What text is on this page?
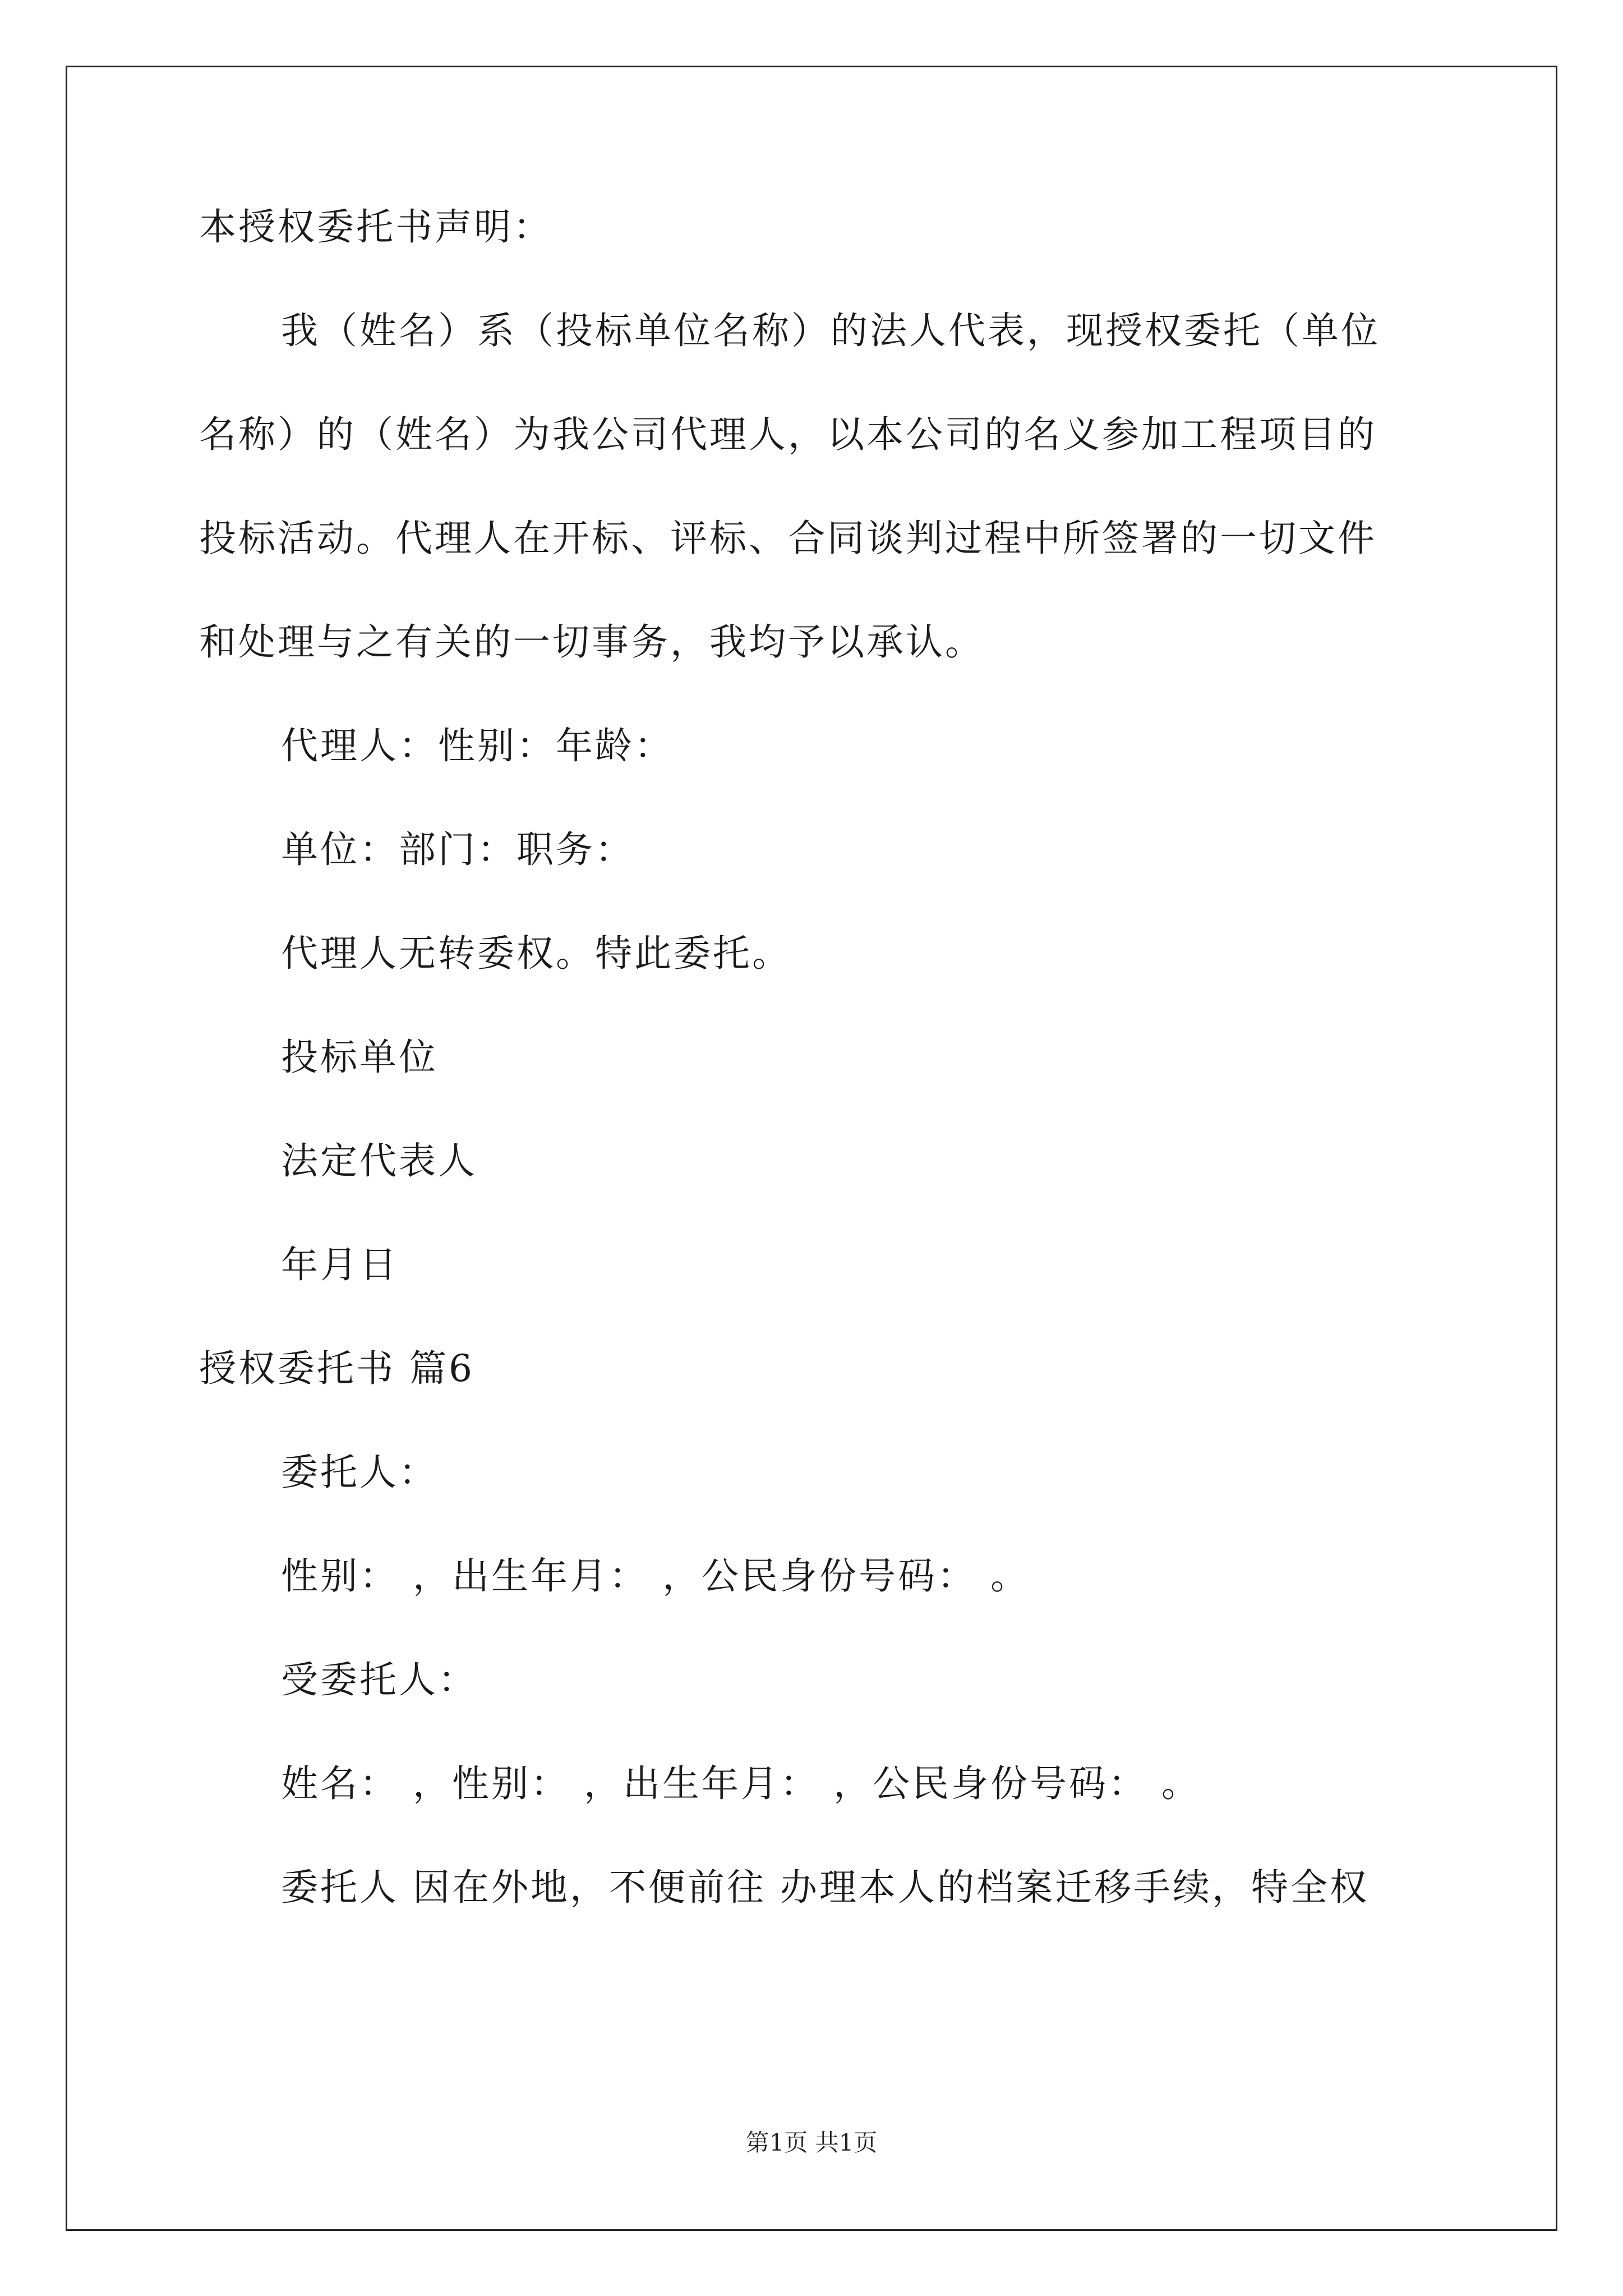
本授权委托书声明：
我（姓名）系（投标单位名称）的法人代表，现授权委托（单位
名称）的（姓名）为我公司代理人，以本公司的名义参加工程项目的
投标活动。代理人在开标、评标、合同谈判过程中所签署的一切文件
和处理与之有关的一切事务，我均予以承认。
代理人：性别：年龄：
单位：部门：职务：
代理人无转委权。特此委托。
投标单位
法定代表人
年月日
授权委托书 篇6
委托人：
性别： ，出生年月： ，公民身份号码： 。
受委托人：
姓名： ，性别： ，出生年月： ，公民身份号码： 。
委托人 因在外地，不便前往 办理本人的档案迁移手续，特全权
第1页 共1页
